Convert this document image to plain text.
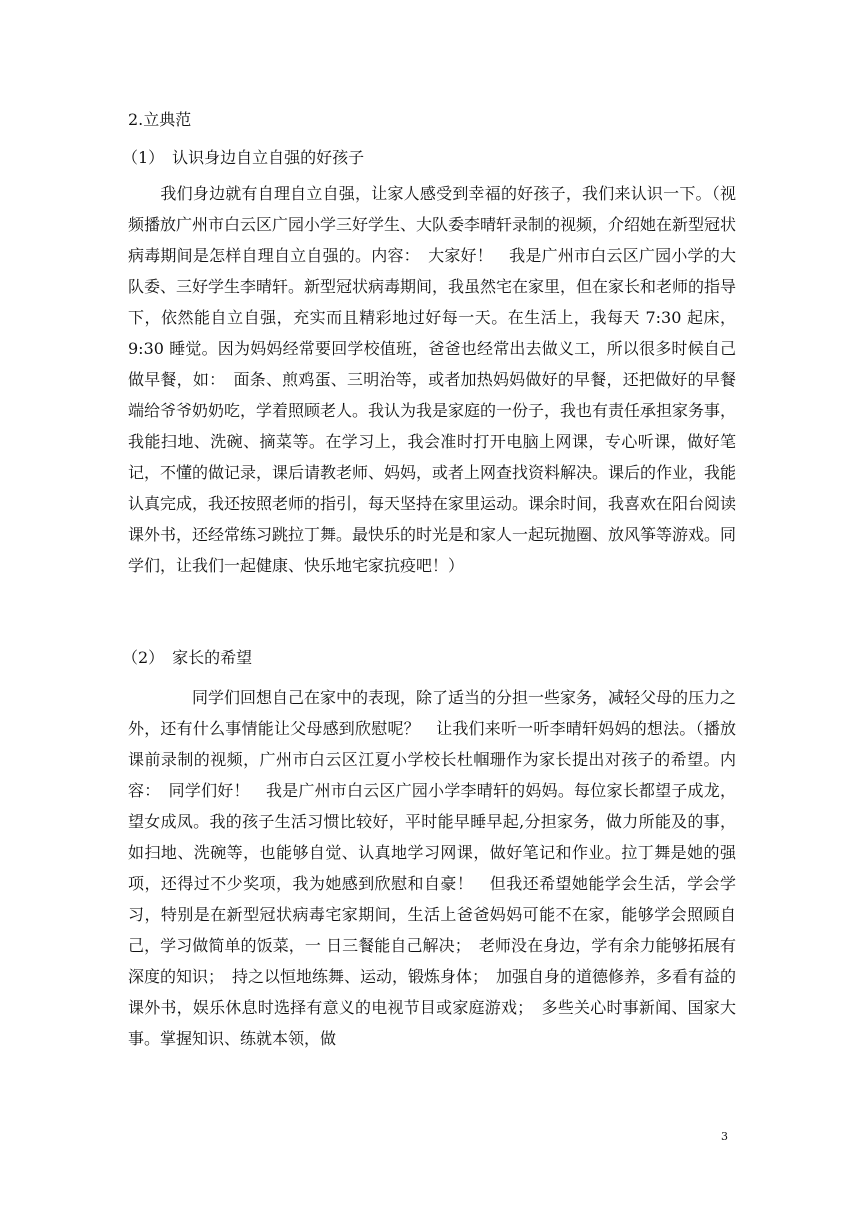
2.立典范
（1）　认识身边自立自强的好孩子

　　我们身边就有自理自立自强，让家人感受到幸福的好孩子，我们来认识一下。（视频播放广州市白云区广园小学三好学生、大队委李晴轩录制的视频，介绍她在新型冠状病毒期间是怎样自理自立自强的。内容：　大家好！　我是广州市白云区广园小学的大队委、三好学生李晴轩。新型冠状病毒期间，我虽然宅在家里，但在家长和老师的指导下，依然能自立自强，充实而且精彩地过好每一天。在生活上，我每天 7:30 起床，9:30 睡觉。因为妈妈经常要回学校值班，爸爸也经常出去做义工，所以很多时候自己做早餐，如：　面条、煎鸡蛋、三明治等，或者加热妈妈做好的早餐，还把做好的早餐端给爷爷奶奶吃，学着照顾老人。我认为我是家庭的一份子，我也有责任承担家务事，我能扫地、洗碗、摘菜等。在学习上，我会准时打开电脑上网课，专心听课，做好笔记，不懂的做记录，课后请教老师、妈妈，或者上网查找资料解决。课后的作业，我能认真完成，我还按照老师的指引，每天坚持在家里运动。课余时间，我喜欢在阳台阅读课外书，还经常练习跳拉丁舞。最快乐的时光是和家人一起玩抛圈、放风筝等游戏。同学们，让我们一起健康、快乐地宅家抗疫吧！）

（2）　家长的希望

　　　　同学们回想自己在家中的表现，除了适当的分担一些家务，减轻父母的压力之外，还有什么事情能让父母感到欣慰呢？　让我们来听一听李晴轩妈妈的想法。（播放课前录制的视频，广州市白云区江夏小学校长杜帼珊作为家长提出对孩子的希望。内容：　同学们好！　我是广州市白云区广园小学李晴轩的妈妈。每位家长都望子成龙，望女成凤。我的孩子生活习惯比较好，平时能早睡早起,分担家务，做力所能及的事，如扫地、洗碗等，也能够自觉、认真地学习网课，做好笔记和作业。拉丁舞是她的强项，还得过不少奖项，我为她感到欣慰和自豪！　但我还希望她能学会生活，学会学习，特别是在新型冠状病毒宅家期间，生活上爸爸妈妈可能不在家，能够学会照顾自己，学习做简单的饭菜，一 日三餐能自己解决；　老师没在身边，学有余力能够拓展有深度的知识；　持之以恒地练舞、运动，锻炼身体；　加强自身的道德修养，多看有益的课外书，娱乐休息时选择有意义的电视节目或家庭游戏；　多些关心时事新闻、国家大事。掌握知识、练就本领，做

3
